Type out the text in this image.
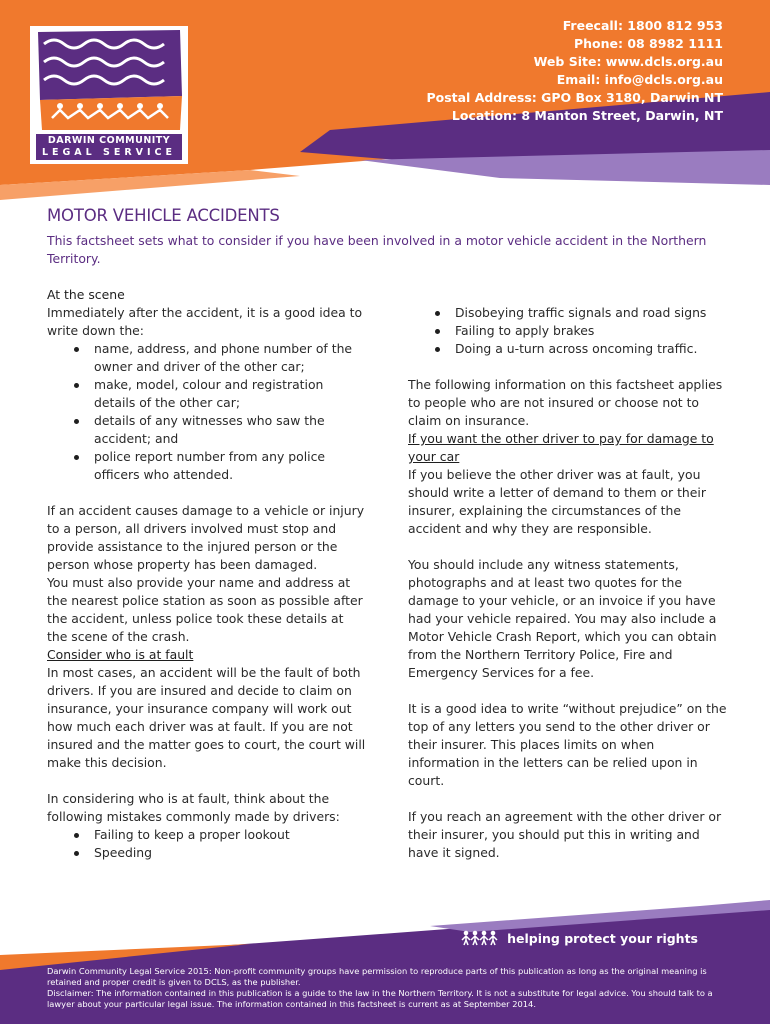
DARWIN COMMUNITY
LEGAL SERVICE
Freecall: 1800 812 953
Phone: 08 8982 1111
Web Site: www.dcls.org.au
Email: info@dcls.org.au
Postal Address: GPO Box 3180, Darwin NT
Location: 8 Manton Street, Darwin, NT
MOTOR VEHICLE ACCIDENTS
This factsheet sets what to consider if you have been involved in a motor vehicle accident in the Northern Territory.
At the scene

Immediately after the accident, it is a good idea to write down the:

name, address, and phone number of the owner and driver of the other car;
make, model, colour and registration details of the other car;
details of any witnesses who saw the accident; and
police report number from any police officers who attended.

If an accident causes damage to a vehicle or injury to a person, all drivers involved must stop and provide assistance to the injured person or the person whose property has been damaged.

You must also provide your name and address at the nearest police station as soon as possible after the accident, unless police took these details at the scene of the crash.

Consider who is at fault

In most cases, an accident will be the fault of both drivers. If you are insured and decide to claim on insurance, your insurance company will work out how much each driver was at fault. If you are not insured and the matter goes to court, the court will make this decision.

In considering who is at fault, think about the following mistakes commonly made by drivers:

Failing to keep a proper lookout
Speeding
Disobeying traffic signals and road signs
Failing to apply brakes
Doing a u-turn across oncoming traffic.

The following information on this factsheet applies to people who are not insured or choose not to claim on insurance.

If you want the other driver to pay for damage to your car

If you believe the other driver was at fault, you should write a letter of demand to them or their insurer, explaining the circumstances of the accident and why they are responsible.

You should include any witness statements, photographs and at least two quotes for the damage to your vehicle, or an invoice if you have had your vehicle repaired. You may also include a Motor Vehicle Crash Report, which you can obtain from the Northern Territory Police, Fire and Emergency Services for a fee.

It is a good idea to write “without prejudice” on the top of any letters you send to the other driver or their insurer. This places limits on when information in the letters can be relied upon in court.

If you reach an agreement with the other driver or their insurer, you should put this in writing and have it signed.

helping protect your rights

Darwin Community Legal Service 2015: Non-profit community groups have permission to reproduce parts of this publication as long as the original meaning is retained and proper credit is given to DCLS, as the publisher.

Disclaimer: The information contained in this publication is a guide to the law in the Northern Territory. It is not a substitute for legal advice. You should talk to a lawyer about your particular legal issue. The information contained in this factsheet is current as at September 2014.
